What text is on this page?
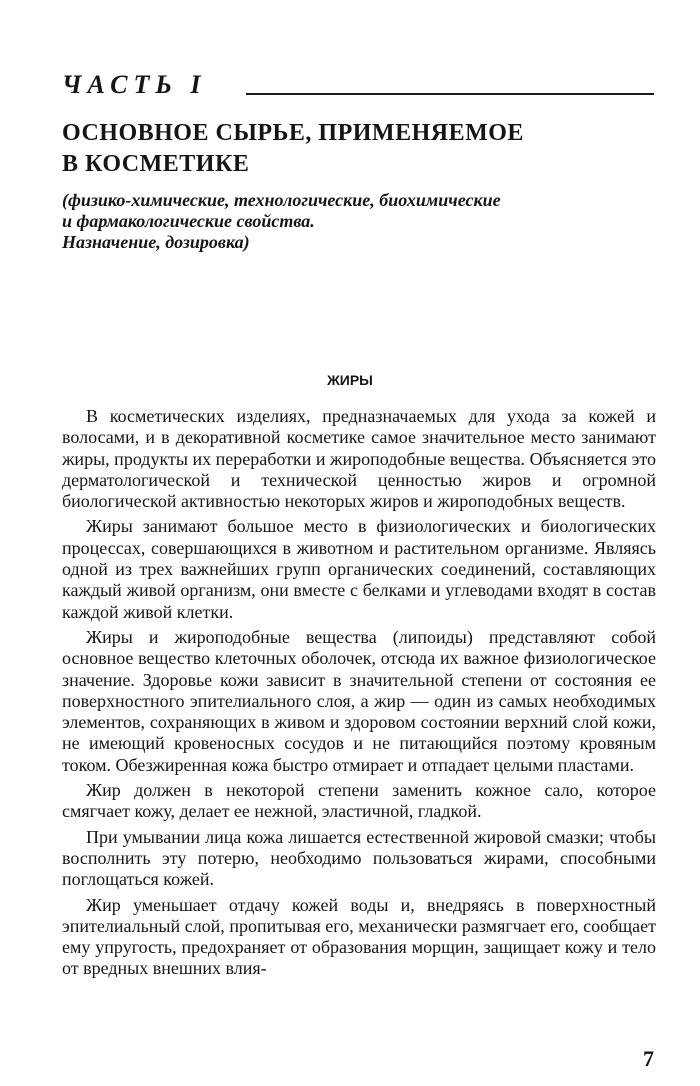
ЧАСТЬ I
ОСНОВНОЕ СЫРЬЕ, ПРИМЕНЯЕМОЕ
В КОСМЕТИКЕ
(физико-химические, технологические, биохимические
и фармакологические свойства.
Назначение, дозировка)
ЖИРЫ

В косметических изделиях, предназначаемых для ухода за кожей и волосами, и в декоративной косметике самое значительное место занимают жиры, продукты их переработки и жироподобные вещества. Объясняется это дерматологической и технической ценностью жиров и огромной биологической активностью некоторых жиров и жироподобных веществ.

Жиры занимают большое место в физиологических и биологических процессах, совершающихся в животном и растительном организме. Являясь одной из трех важнейших групп органических соединений, составляющих каждый живой организм, они вместе с белками и углеводами входят в состав каждой живой клетки.

Жиры и жироподобные вещества (липоиды) представляют собой основное вещество клеточных оболочек, отсюда их важное физиологическое значение. Здоровье кожи зависит в значительной степени от состояния ее поверхностного эпителиального слоя, а жир — один из самых необходимых элементов, сохраняющих в живом и здоровом состоянии верхний слой кожи, не имеющий кровеносных сосудов и не питающийся поэтому кровяным током. Обезжиренная кожа быстро отмирает и отпадает целыми пластами.

Жир должен в некоторой степени заменить кожное сало, которое смягчает кожу, делает ее нежной, эластичной, гладкой.

При умывании лица кожа лишается естественной жировой смазки; чтобы восполнить эту потерю, необходимо пользоваться жирами, способными поглощаться кожей.

Жир уменьшает отдачу кожей воды и, внедряясь в поверхностный эпителиальный слой, пропитывая его, механически размягчает его, сообщает ему упругость, предохраняет от образования морщин, защищает кожу и тело от вредных внешних влия-

7
